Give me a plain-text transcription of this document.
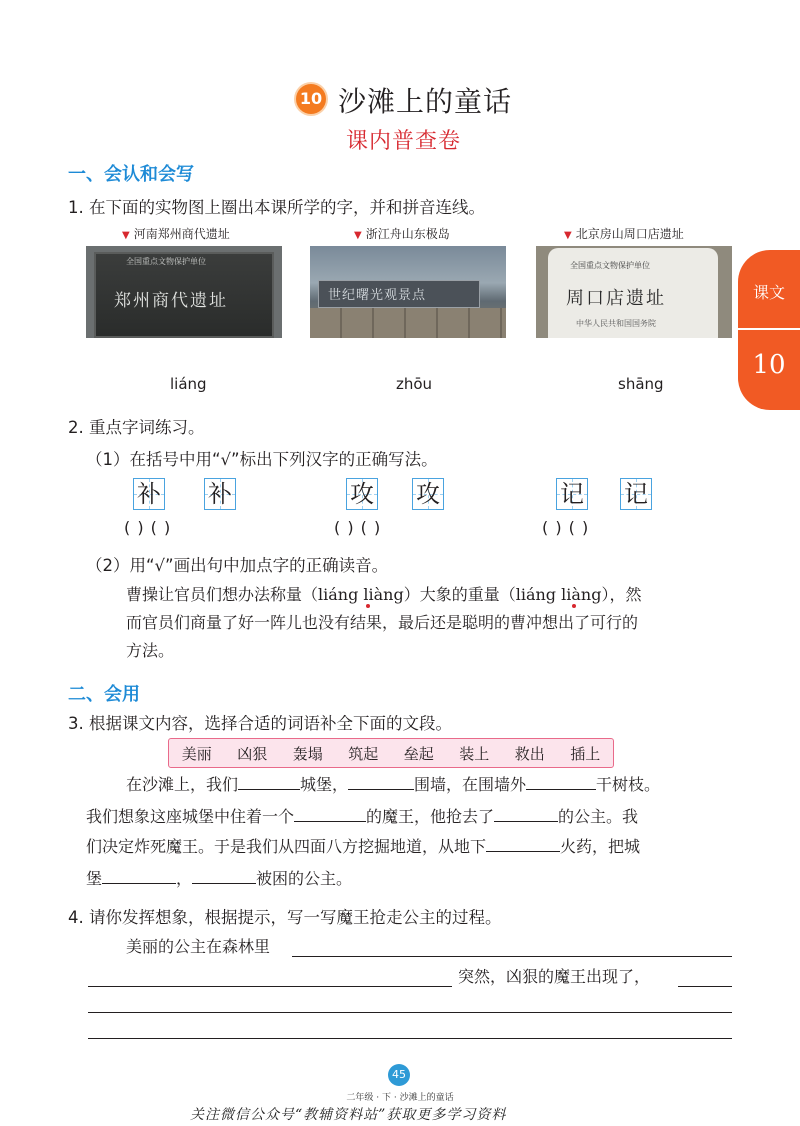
10 沙滩上的童话
课内普查卷
课文
10
一、会认和会写
1. 在下面的实物图上圈出本课所学的字，并和拼音连线。
▼ 河南郑州商代遗址	▼ 浙江舟山东极岛	▼ 北京房山周口店遗址
全国重点文物保护单位
郑州商代遗址	世纪曙光观景点
全国重点文物保护单位
周口店遗址
中华人民共和国国务院
liáng	zhōu	shāng
2. 重点字词练习。
（1）在括号中用“√”标出下列汉字的正确写法。
补 补	攻 攻	记 记
( ) ( )	( ) ( )	( ) ( )
（2）用“√”画出句中加点字的正确读音。
曹操让官员们想办法称量（liáng liàng）大象的重量（liáng liàng），然
而官员们商量了好一阵儿也没有结果，最后还是聪明的曹冲想出了可行的
方法。
二、会用
3. 根据课文内容，选择合适的词语补全下面的文段。
美丽 凶狠 轰塌 筑起 垒起 装上 救出 插上
在沙滩上，我们	城堡，	围墙，在围墙外	干树枝。
我们想象这座城堡中住着一个	的魔王，他抢去了	的公主。我
们决定炸死魔王。于是我们从四面八方挖掘地道，从地下	火药，把城
堡	，	被困的公主。
4. 请你发挥想象，根据提示，写一写魔王抢走公主的过程。
美丽的公主在森林里
突然，凶狠的魔王出现了，
45
二年级 · 下 · 沙滩上的童话
关注微信公众号“教辅资料站”获取更多学习资料
